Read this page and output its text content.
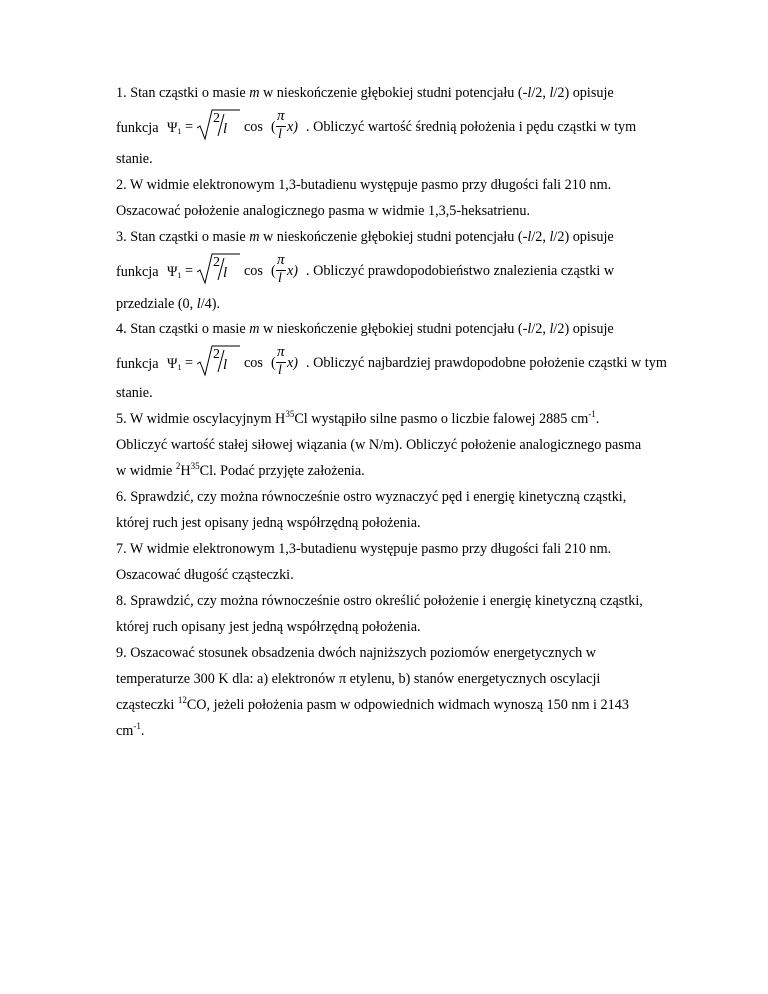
1. Stan cząstki o masie m w nieskończenie głębokiej studni potencjału (-l/2, l/2) opisuje
funkcja $\Psi_1$ =
2
l cos (
π
l x) . Obliczyć wartość średnią położenia i pędu cząstki w tym
stanie.
2. W widmie elektronowym 1,3-butadienu występuje pasmo przy długości fali 210 nm.
Oszacować położenie analogicznego pasma w widmie 1,3,5-heksatrienu.
3. Stan cząstki o masie m w nieskończenie głębokiej studni potencjału (-l/2, l/2) opisuje
funkcja $\Psi_1$ =
2
l cos (
π
l x) . Obliczyć prawdopodobieństwo znalezienia cząstki w
przedziale (0, l/4).
4. Stan cząstki o masie m w nieskończenie głębokiej studni potencjału (-l/2, l/2) opisuje
funkcja $\Psi_1$ =
2
l cos (
π
l x) . Obliczyć najbardziej prawdopodobne położenie cząstki w tym
stanie.
5. W widmie oscylacyjnym $H^{35}Cl$ wystąpiło silne pasmo o liczbie falowej 2885 $cm^{-1}$.
Obliczyć wartość stałej siłowej wiązania (w N/m). Obliczyć położenie analogicznego pasma
w widmie $^2H^{35}Cl$. Podać przyjęte założenia.
6. Sprawdzić, czy można równocześnie ostro wyznaczyć pęd i energię kinetyczną cząstki,
której ruch jest opisany jedną współrzędną położenia.
7. W widmie elektronowym 1,3-butadienu występuje pasmo przy długości fali 210 nm.
Oszacować długość cząsteczki.
8. Sprawdzić, czy można równocześnie ostro określić położenie i energię kinetyczną cząstki,
której ruch opisany jest jedną współrzędną położenia.
9. Oszacować stosunek obsadzenia dwóch najniższych poziomów energetycznych w
temperaturze 300 K dla: a) elektronów π etylenu, b) stanów energetycznych oscylacji
cząsteczki $^{12}$CO, jeżeli położenia pasm w odpowiednich widmach wynoszą 150 nm i 2143
$cm^{-1}$.
